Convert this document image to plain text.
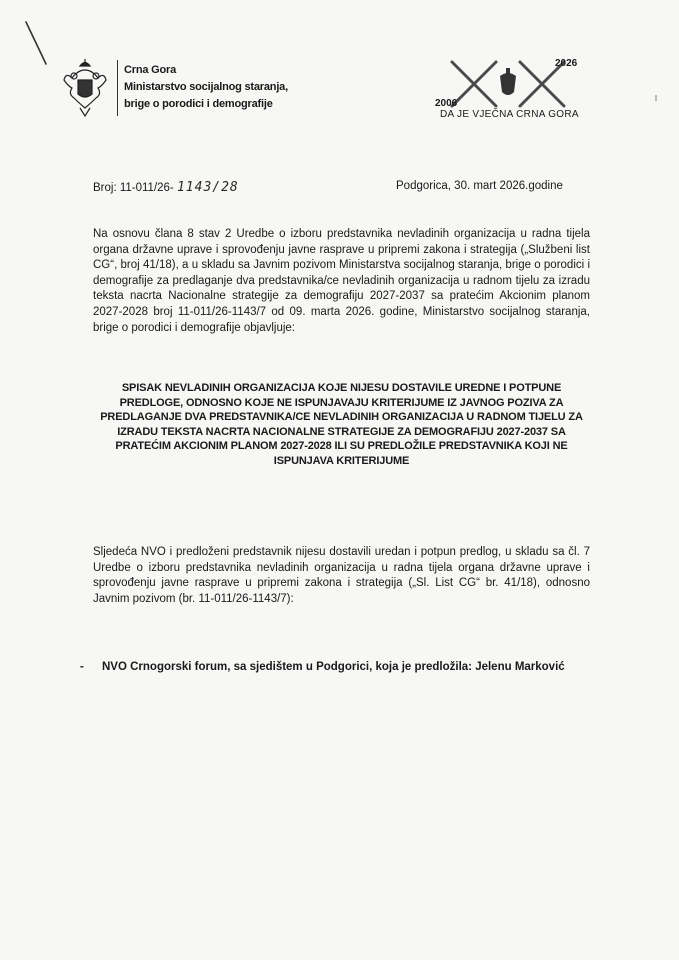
Crna Gora
Ministarstvo socijalnog staranja,
brige o porodici i demografije
2026
2006
DA JE VJEČNA CRNA GORA
Broj: 11-011/26- 1143/28	Podgorica, 30. mart 2026.godine
Na osnovu člana 8 stav 2 Uredbe o izboru predstavnika nevladinih organizacija u radna tijela organa državne uprave i sprovođenju javne rasprave u pripremi zakona i strategija („Službeni list CG“, broj 41/18), a u skladu sa Javnim pozivom Ministarstva socijalnog staranja, brige o porodici i demografije za predlaganje dva predstavnika/ce nevladinih organizacija u radnom tijelu za izradu teksta nacrta Nacionalne strategije za demografiju 2027-2037 sa pratećim Akcionim planom 2027-2028 broj 11-011/26-1143/7 od 09. marta 2026. godine, Ministarstvo socijalnog staranja, brige o porodici i demografije objavljuje:
SPISAK NEVLADINIH ORGANIZACIJA KOJE NIJESU DOSTAVILE UREDNE I POTPUNE PREDLOGE, ODNOSNO KOJE NE ISPUNJAVAJU KRITERIJUME IZ JAVNOG POZIVA ZA PREDLAGANJE DVA PREDSTAVNIKA/CE NEVLADINIH ORGANIZACIJA U RADNOM TIJELU ZA IZRADU TEKSTA NACRTA NACIONALNE STRATEGIJE ZA DEMOGRAFIJU 2027-2037 SA PRATEĆIM AKCIONIM PLANOM 2027-2028 ILI SU PREDLOŽILE PREDSTAVNIKA KOJI NE ISPUNJAVA KRITERIJUME
Sljedeća NVO i predloženi predstavnik nijesu dostavili uredan i potpun predlog, u skladu sa čl. 7 Uredbe o izboru predstavnika nevladinih organizacija u radna tijela organa državne uprave i sprovođenju javne rasprave u pripremi zakona i strategija („Sl. List CG“ br. 41/18), odnosno Javnim pozivom (br. 11-011/26-1143/7):
- NVO Crnogorski forum, sa sjedištem u Podgorici, koja je predložila: Jelenu Marković
